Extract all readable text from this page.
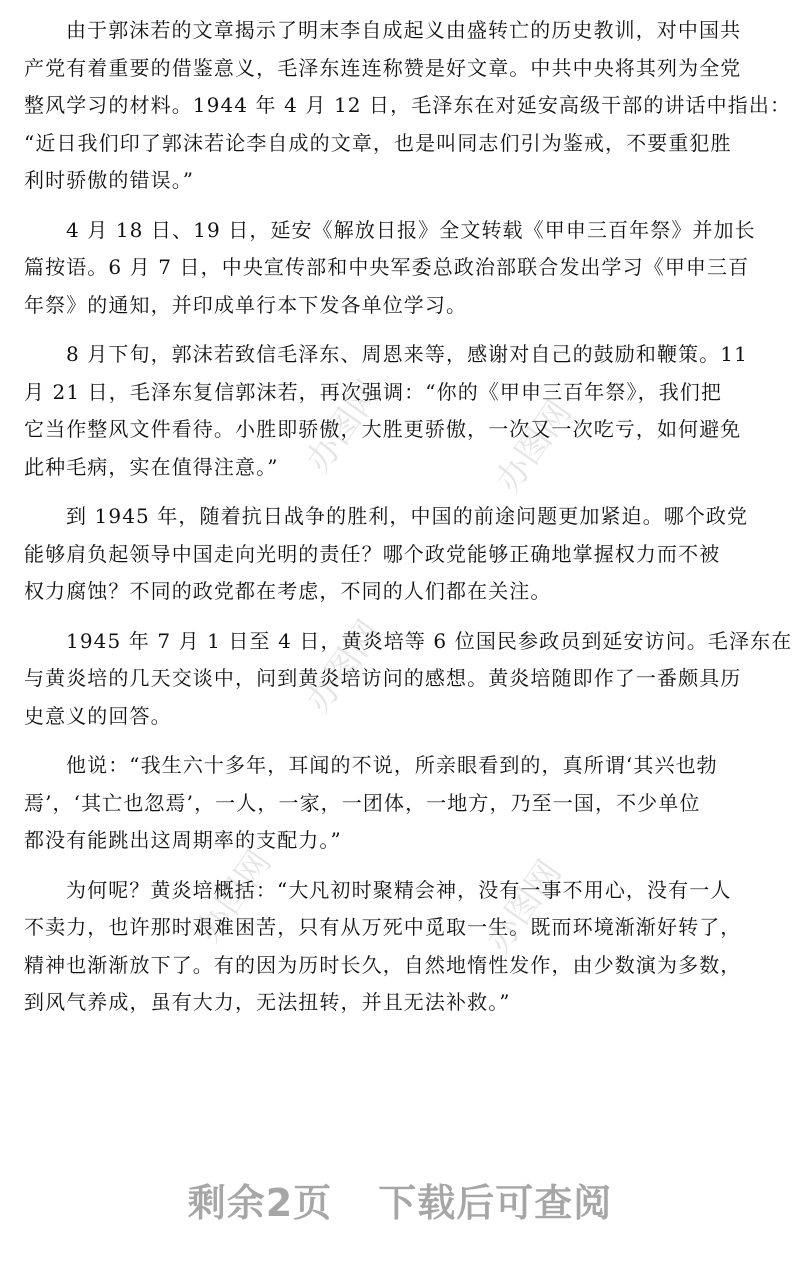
办图网	办图网
办图网
办图网	办图网
由于郭沫若的文章揭示了明末李自成起义由盛转亡的历史教训，对中国共
产党有着重要的借鉴意义，毛泽东连连称赞是好文章。中共中央将其列为全党
整风学习的材料。1944 年 4 月 12 日，毛泽东在对延安高级干部的讲话中指出：
“近日我们印了郭沫若论李自成的文章，也是叫同志们引为鉴戒，不要重犯胜
利时骄傲的错误。”
4 月 18 日、19 日，延安《解放日报》全文转载《甲申三百年祭》并加长
篇按语。6 月 7 日，中央宣传部和中央军委总政治部联合发出学习《甲申三百
年祭》的通知，并印成单行本下发各单位学习。
8 月下旬，郭沫若致信毛泽东、周恩来等，感谢对自己的鼓励和鞭策。11
月 21 日，毛泽东复信郭沫若，再次强调：“你的《甲申三百年祭》，我们把
它当作整风文件看待。小胜即骄傲，大胜更骄傲，一次又一次吃亏，如何避免
此种毛病，实在值得注意。”
到 1945 年，随着抗日战争的胜利，中国的前途问题更加紧迫。哪个政党
能够肩负起领导中国走向光明的责任？哪个政党能够正确地掌握权力而不被
权力腐蚀？不同的政党都在考虑，不同的人们都在关注。
1945 年 7 月 1 日至 4 日，黄炎培等 6 位国民参政员到延安访问。毛泽东在
与黄炎培的几天交谈中，问到黄炎培访问的感想。黄炎培随即作了一番颇具历
史意义的回答。
他说：“我生六十多年，耳闻的不说，所亲眼看到的，真所谓‘其兴也勃
焉’，‘其亡也忽焉’，一人，一家，一团体，一地方，乃至一国，不少单位
都没有能跳出这周期率的支配力。”
为何呢？黄炎培概括：“大凡初时聚精会神，没有一事不用心，没有一人
不卖力，也许那时艰难困苦，只有从万死中觅取一生。既而环境渐渐好转了，
精神也渐渐放下了。有的因为历时长久，自然地惰性发作，由少数演为多数，
到风气养成，虽有大力，无法扭转，并且无法补救。”
剩余2页 下载后可查阅
